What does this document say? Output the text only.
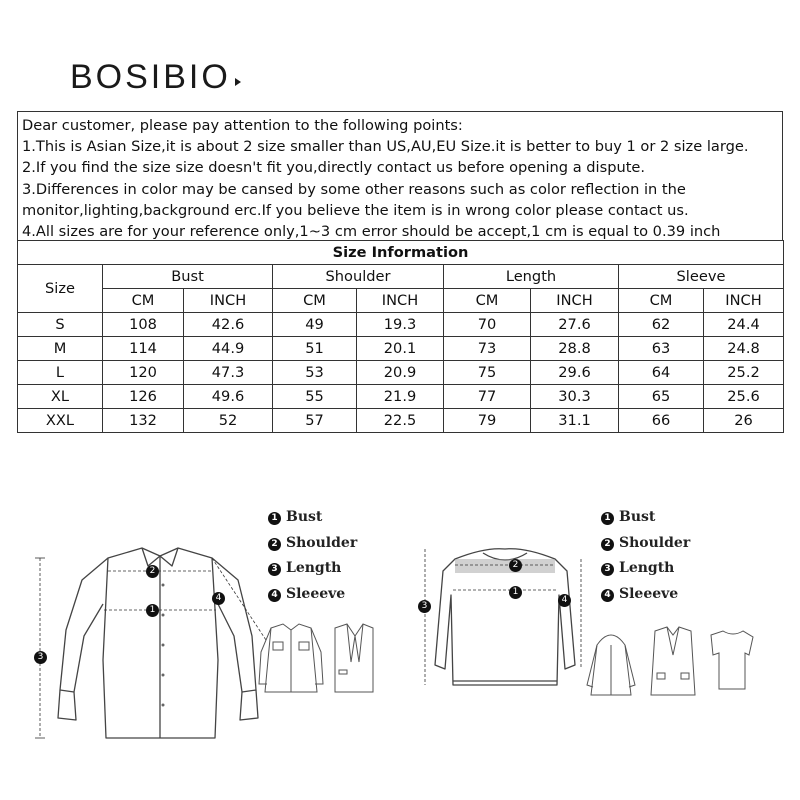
BOSIBIO
Dear customer, please pay attention to the following points:
1.This is Asian Size,it is about 2 size smaller than US,AU,EU Size.it is better to buy 1 or 2 size large.
2.If you find the size size doesn't fit you,directly contact us before opening a dispute.
3.Differences in color may be cansed by some other reasons such as color reflection in the
monitor,lighting,background erc.If you believe the item is in wrong color please contact us.
4.All sizes are for your reference only,1~3 cm error should be accept,1 cm is equal to 0.39 inch
Size Information								
Size	Bust		Shoulder		Length		Sleeve	
	CM	INCH	CM	INCH	CM	INCH	CM	INCH
S	108	42.6	49	19.3	70	27.6	62	24.4
M	114	44.9	51	20.1	73	28.8	63	24.8
L	120	47.3	53	20.9	75	29.6	64	25.2
XL	126	49.6	55	21.9	77	30.3	65	25.6
XXL	132	52	57	22.5	79	31.1	66	26
2
1
4
3
1 Bust
2 Shoulder
3 Length
4 Sleeeve
2
1
3
4
1 Bust
2 Shoulder
3 Length
4 Sleeeve
